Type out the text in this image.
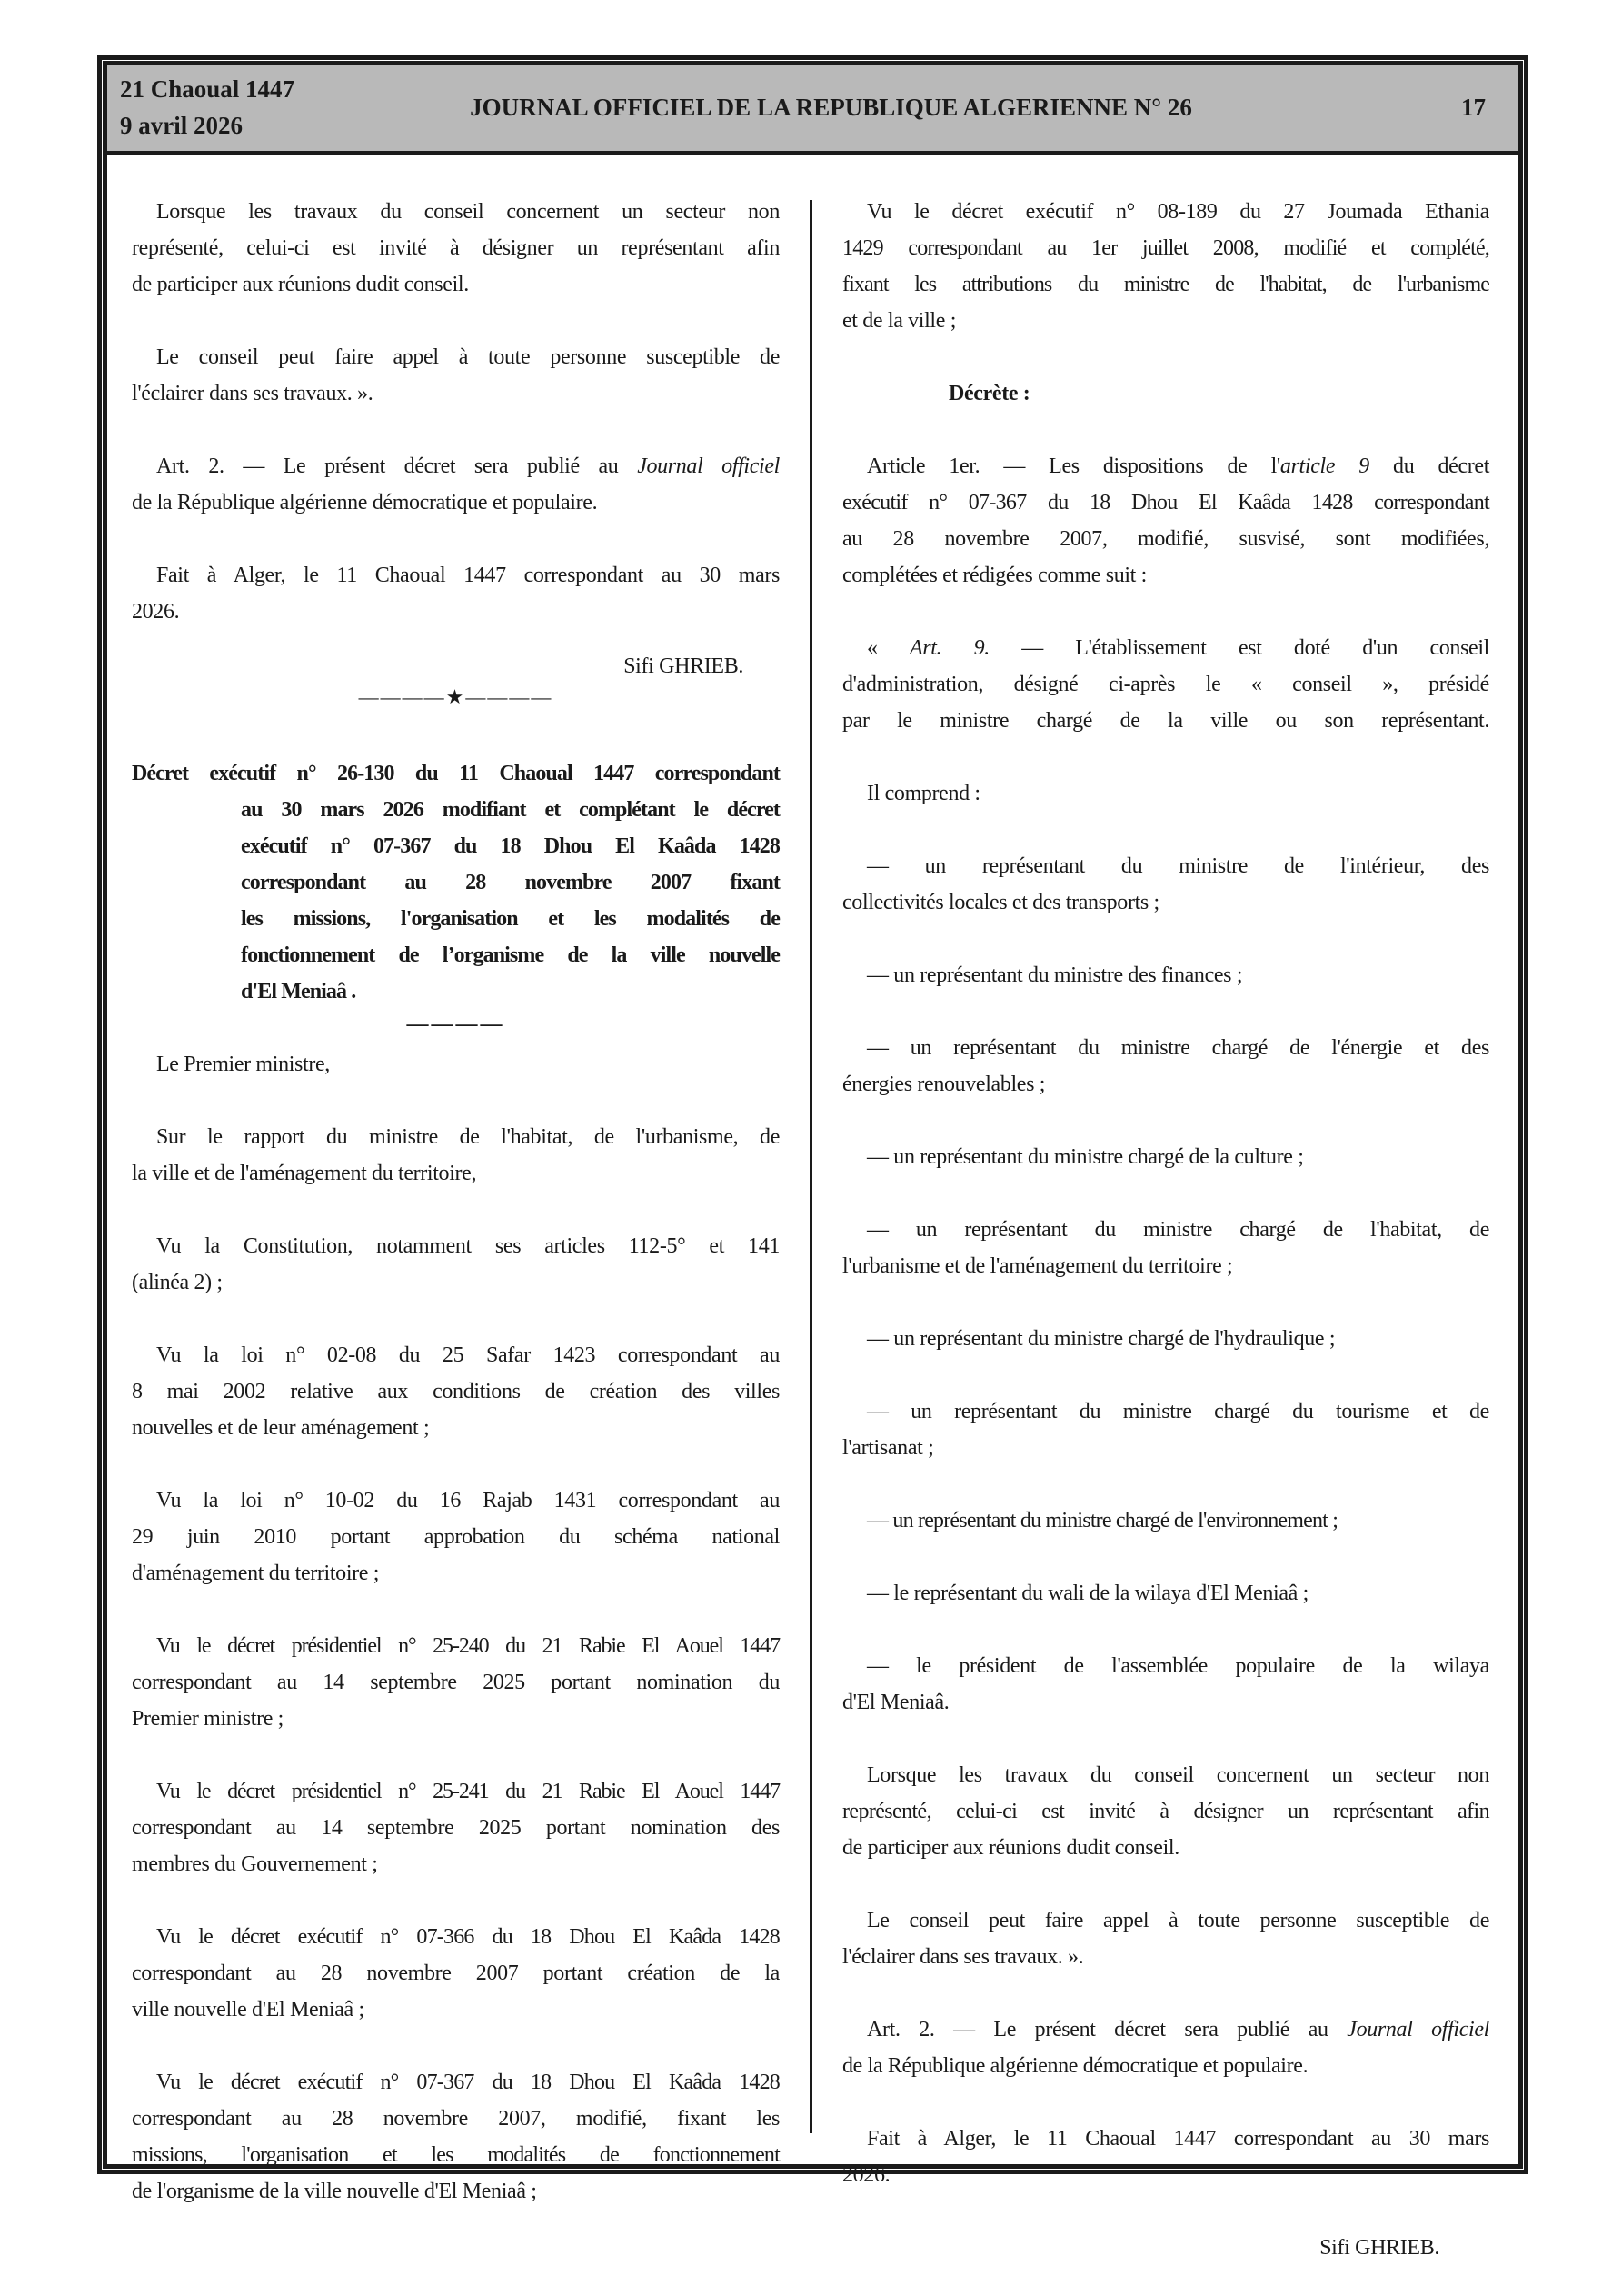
21 Chaoual 1447
9 avril 2026
JOURNAL OFFICIEL DE LA REPUBLIQUE ALGERIENNE N° 26	17
Lorsque les travaux du conseil concernent un secteur non
représenté, celui-ci est invité à désigner un représentant afin
de participer aux réunions dudit conseil.
Le conseil peut faire appel à toute personne susceptible de
l'éclairer dans ses travaux. ».
Art. 2. — Le présent décret sera publié au Journal officiel
de la République algérienne démocratique et populaire.
Fait à Alger, le 11 Chaoual 1447 correspondant au 30 mars
2026.
Sifi GHRIEB.
————★————
Décret exécutif n° 26-130 du 11 Chaoual 1447 correspondant
au 30 mars 2026 modifiant et complétant le décret
exécutif n° 07-367 du 18 Dhou El Kaâda 1428
correspondant au 28 novembre 2007 fixant
les missions, l'organisation et les modalités de
fonctionnement de l’organisme de la ville nouvelle
d'El Meniaâ .
————
Le Premier ministre,
Sur le rapport du ministre de l'habitat, de l'urbanisme, de
la ville et de l'aménagement du territoire,
Vu la Constitution, notamment ses articles 112-5° et 141
(alinéa 2) ;
Vu la loi n° 02-08 du 25 Safar 1423 correspondant au
8 mai 2002 relative aux conditions de création des villes
nouvelles et de leur aménagement ;
Vu la loi n° 10-02 du 16 Rajab 1431 correspondant au
29 juin 2010 portant approbation du schéma national
d'aménagement du territoire ;
Vu le décret présidentiel n° 25-240 du 21 Rabie El Aouel 1447
correspondant au 14 septembre 2025 portant nomination du
Premier ministre ;
Vu le décret présidentiel n° 25-241 du 21 Rabie El Aouel 1447
correspondant au 14 septembre 2025 portant nomination des
membres du Gouvernement ;
Vu le décret exécutif n° 07-366 du 18 Dhou El Kaâda 1428
correspondant au 28 novembre 2007 portant création de la
ville nouvelle d'El Meniaâ ;
Vu le décret exécutif n° 07-367 du 18 Dhou El Kaâda 1428
correspondant au 28 novembre 2007, modifié, fixant les
missions, l'organisation et les modalités de fonctionnement
de l'organisme de la ville nouvelle d'El Meniaâ ;
Vu le décret exécutif n° 08-189 du 27 Joumada Ethania
1429 correspondant au 1er juillet 2008, modifié et complété,
fixant les attributions du ministre de l'habitat, de l'urbanisme
et de la ville ;
Décrète :
Article 1er. — Les dispositions de l'article 9 du décret
exécutif n° 07-367 du 18 Dhou El Kaâda 1428 correspondant
au 28 novembre 2007, modifié, susvisé, sont modifiées,
complétées et rédigées comme suit :
« Art. 9. — L'établissement est doté d'un conseil
d'administration, désigné ci-après le « conseil », présidé
par le ministre chargé de la ville ou son représentant.
Il comprend :
— un représentant du ministre de l'intérieur, des
collectivités locales et des transports ;
— un représentant du ministre des finances ;
— un représentant du ministre chargé de l'énergie et des
énergies renouvelables ;
— un représentant du ministre chargé de la culture ;
— un représentant du ministre chargé de l'habitat, de
l'urbanisme et de l'aménagement du territoire ;
— un représentant du ministre chargé de l'hydraulique ;
— un représentant du ministre chargé du tourisme et de
l'artisanat ;
— un représentant du ministre chargé de l'environnement ;
— le représentant du wali de la wilaya d'El Meniaâ ;
— le président de l'assemblée populaire de la wilaya
d'El Meniaâ.
Lorsque les travaux du conseil concernent un secteur non
représenté, celui-ci est invité à désigner un représentant afin
de participer aux réunions dudit conseil.
Le conseil peut faire appel à toute personne susceptible de
l'éclairer dans ses travaux. ».
Art. 2. — Le présent décret sera publié au Journal officiel
de la République algérienne démocratique et populaire.
Fait à Alger, le 11 Chaoual 1447 correspondant au 30 mars
2026.
Sifi GHRIEB.
